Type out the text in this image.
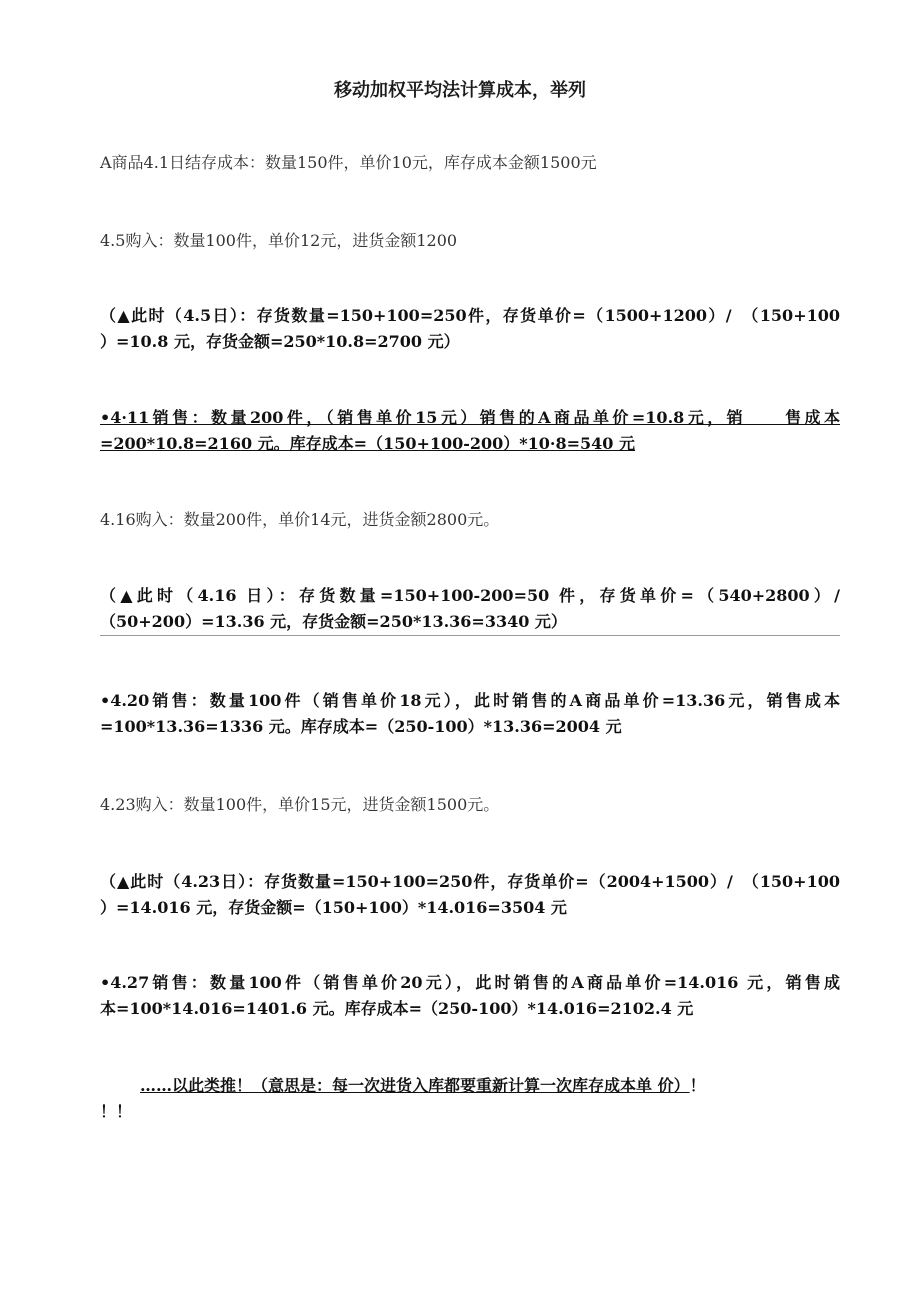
移动加权平均法计算成本，举列

A商品4.1日结存成本：数量150件，单价10元，库存成本金额1500元

4.5购入：数量100件，单价12元，进货金额1200

（▲此时（4.5日）：存货数量=150+100=250件，存货单价=（1500+1200）/　（150+100
）=10.8 元，存货金额=250*10.8=2700 元）
•4·11销售：数量200件，（销售单价15元）销售的A商品单价=10.8元，销　　售成本
=200*10.8=2160 元。库存成本=（150+100-200）*10·8=540 元

4.16购入：数量200件，单价14元，进货金额2800元。

（▲此时（4.16 日）：存货数量=150+100-200=50 件，存货单价=（540+2800）/
（50+200）=13.36 元，存货金额=250*13.36=3340 元）
•4.20销售：数量100件（销售单价18元），此时销售的A商品单价=13.36元，销售成本
=100*13.36=1336 元。库存成本=（250-100）*13.36=2004 元

4.23购入：数量100件，单价15元，进货金额1500元。

（▲此时（4.23日）：存货数量=150+100=250件，存货单价=（2004+1500）/　（150+100
）=14.016 元，存货金额=（150+100）*14.016=3504 元
•4.27销售：数量100件（销售单价20元），此时销售的A商品单价=14.016 元，销售成
本=100*14.016=1401.6 元。库存成本=（250-100）*14.016=2102.4 元
……以此类推！（意思是：每一次进货入库都要重新计算一次库存成本单 价）！
！！
